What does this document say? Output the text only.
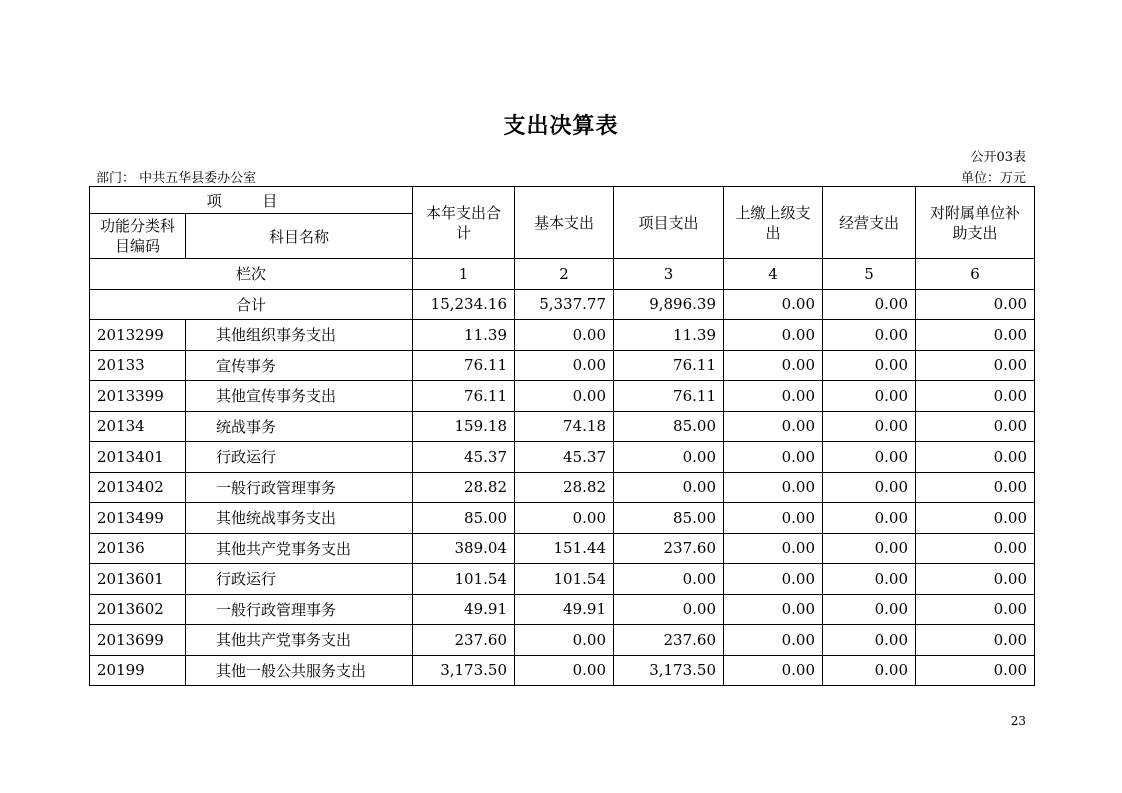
支出决算表
公开03表
部门： 中共五华县委办公室	单位：万元
项 目		本年支出合计	基本支出	项目支出	上缴上级支出	经营支出	对附属单位补助支出
功能分类科目编码	科目名称						
栏次		1	2	3	4	5	6
合计		15,234.16	5,337.77	9,896.39	0.00	0.00	0.00
2013299	其他组织事务支出	11.39	0.00	11.39	0.00	0.00	0.00
20133	宣传事务	76.11	0.00	76.11	0.00	0.00	0.00
2013399	其他宣传事务支出	76.11	0.00	76.11	0.00	0.00	0.00
20134	统战事务	159.18	74.18	85.00	0.00	0.00	0.00
2013401	行政运行	45.37	45.37	0.00	0.00	0.00	0.00
2013402	一般行政管理事务	28.82	28.82	0.00	0.00	0.00	0.00
2013499	其他统战事务支出	85.00	0.00	85.00	0.00	0.00	0.00
20136	其他共产党事务支出	389.04	151.44	237.60	0.00	0.00	0.00
2013601	行政运行	101.54	101.54	0.00	0.00	0.00	0.00
2013602	一般行政管理事务	49.91	49.91	0.00	0.00	0.00	0.00
2013699	其他共产党事务支出	237.60	0.00	237.60	0.00	0.00	0.00
20199	其他一般公共服务支出	3,173.50	0.00	3,173.50	0.00	0.00	0.00
23
